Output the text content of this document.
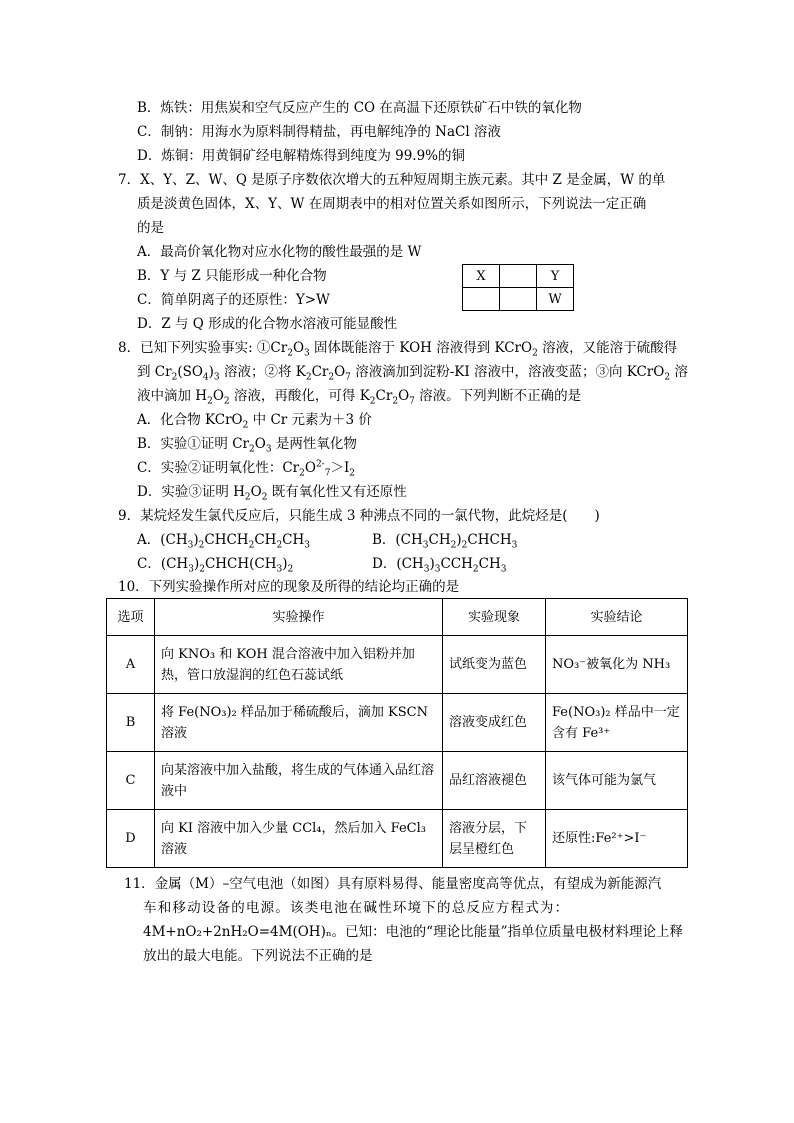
B．炼铁：用焦炭和空气反应产生的 CO 在高温下还原铁矿石中铁的氧化物
C．制钠：用海水为原料制得精盐，再电解纯净的 NaCl 溶液
D．炼铜：用黄铜矿经电解精炼得到纯度为 99.9%的铜
7．X、Y、Z、W、Q 是原子序数依次增大的五种短周期主族元素。其中 Z 是金属，W 的单
质是淡黄色固体，X、Y、W 在周期表中的相对位置关系如图所示，下列说法一定正确
的是
A．最高价氧化物对应水化物的酸性最强的是 W
B．Y 与 Z 只能形成一种化合物
C．简单阴离子的还原性：Y>W
D．Z 与 Q 形成的化合物水溶液可能显酸性
X		Y
		W
8．已知下列实验事实: $①Cr_2O_3$ 固体既能溶于 KOH 溶液得到 KCrO$_2$ 溶液，又能溶于硫酸得
到 $Cr_2(SO_4)_3$ 溶液；②将 $K_2Cr_2O_7$ 溶液滴加到淀粉-KI 溶液中，溶液变蓝；③向 KCrO$_2$ 溶
液中滴加 $H_2O_2$ 溶液，再酸化，可得 $K_2Cr_2O_7$ 溶液。下列判断不正确的是
A．化合物 KCrO$_2$ 中 Cr 元素为＋3 价
B．实验①证明 $Cr_2O_3$ 是两性氧化物
C．实验②证明氧化性：$Cr_2O^{2-}_7>I_2$
D．实验③证明 $H_2O_2$ 既有氧化性又有还原性
9．某烷烃发生氯代反应后，只能生成 3 种沸点不同的一氯代物，此烷烃是(　　)
A．$(CH_3)_2CHCH_2CH_2CH_3$	B．$(CH_3CH_2)_2CHCH_3$
C．$(CH_3)_2CHCH(CH_3)_2$	D．$(CH_3)_3CCH_2CH_3$
10．下列实验操作所对应的现象及所得的结论均正确的是
选项	实验操作	实验现象	实验结论
A	向 KNO₃ 和 KOH 混合溶液中加入铝粉并加热，管口放湿润的红色石蕊试纸	试纸变为蓝色	NO₃⁻被氧化为 NH₃
B	将 Fe(NO₃)₂ 样品加于稀硫酸后，滴加 KSCN 溶液	溶液变成红色	Fe(NO₃)₂ 样品中一定含有 Fe³⁺
C	向某溶液中加入盐酸，将生成的气体通入品红溶液中	品红溶液褪色	该气体可能为氯气
D	向 KI 溶液中加入少量 CCl₄，然后加入 FeCl₃ 溶液	溶液分层，下层呈橙红色	还原性:Fe²⁺>I⁻
11．金属（M）–空气电池（如图）具有原料易得、能量密度高等优点，有望成为新能源汽
车和移动设备的电源。该类电池在碱性环境下的总反应方程式为：
4M+nO₂+2nH₂O=4M(OH)ₙ。已知：电池的“理论比能量”指单位质量电极材料理论上释
放出的最大电能。下列说法不正确的是
